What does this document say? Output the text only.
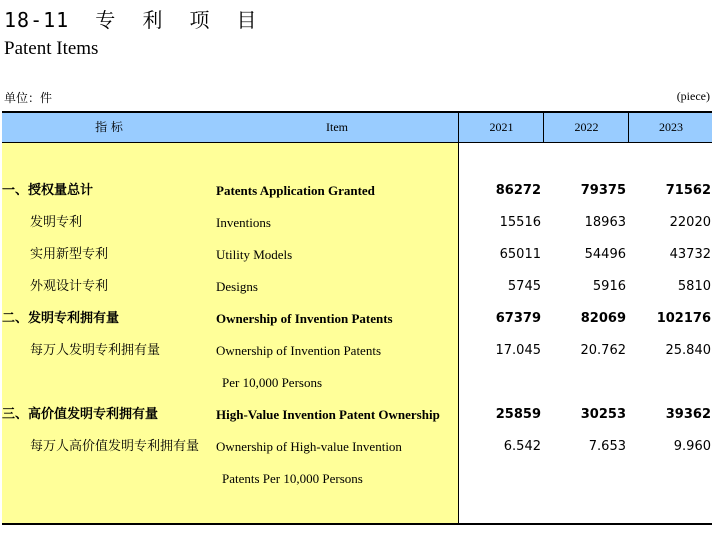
18-11  专  利  项  目
Patent Items
单位：件	(piece)
指 标	Item	2021	2022	2023
一、授权量总计	Patents Application Granted	86272	79375	71562
发明专利	Inventions	15516	18963	22020
实用新型专利	Utility Models	65011	54496	43732
外观设计专利	Designs	5745	5916	5810
二、发明专利拥有量	Ownership of Invention Patents	67379	82069	102176
每万人发明专利拥有量	Ownership of Invention Patents	17.045	20.762	25.840
Per 10,000 Persons
三、高价值发明专利拥有量	High-Value Invention Patent Ownership	25859	30253	39362
每万人高价值发明专利拥有量 Ownership of High-value Invention	6.542	7.653	9.960
Patents Per 10,000 Persons
